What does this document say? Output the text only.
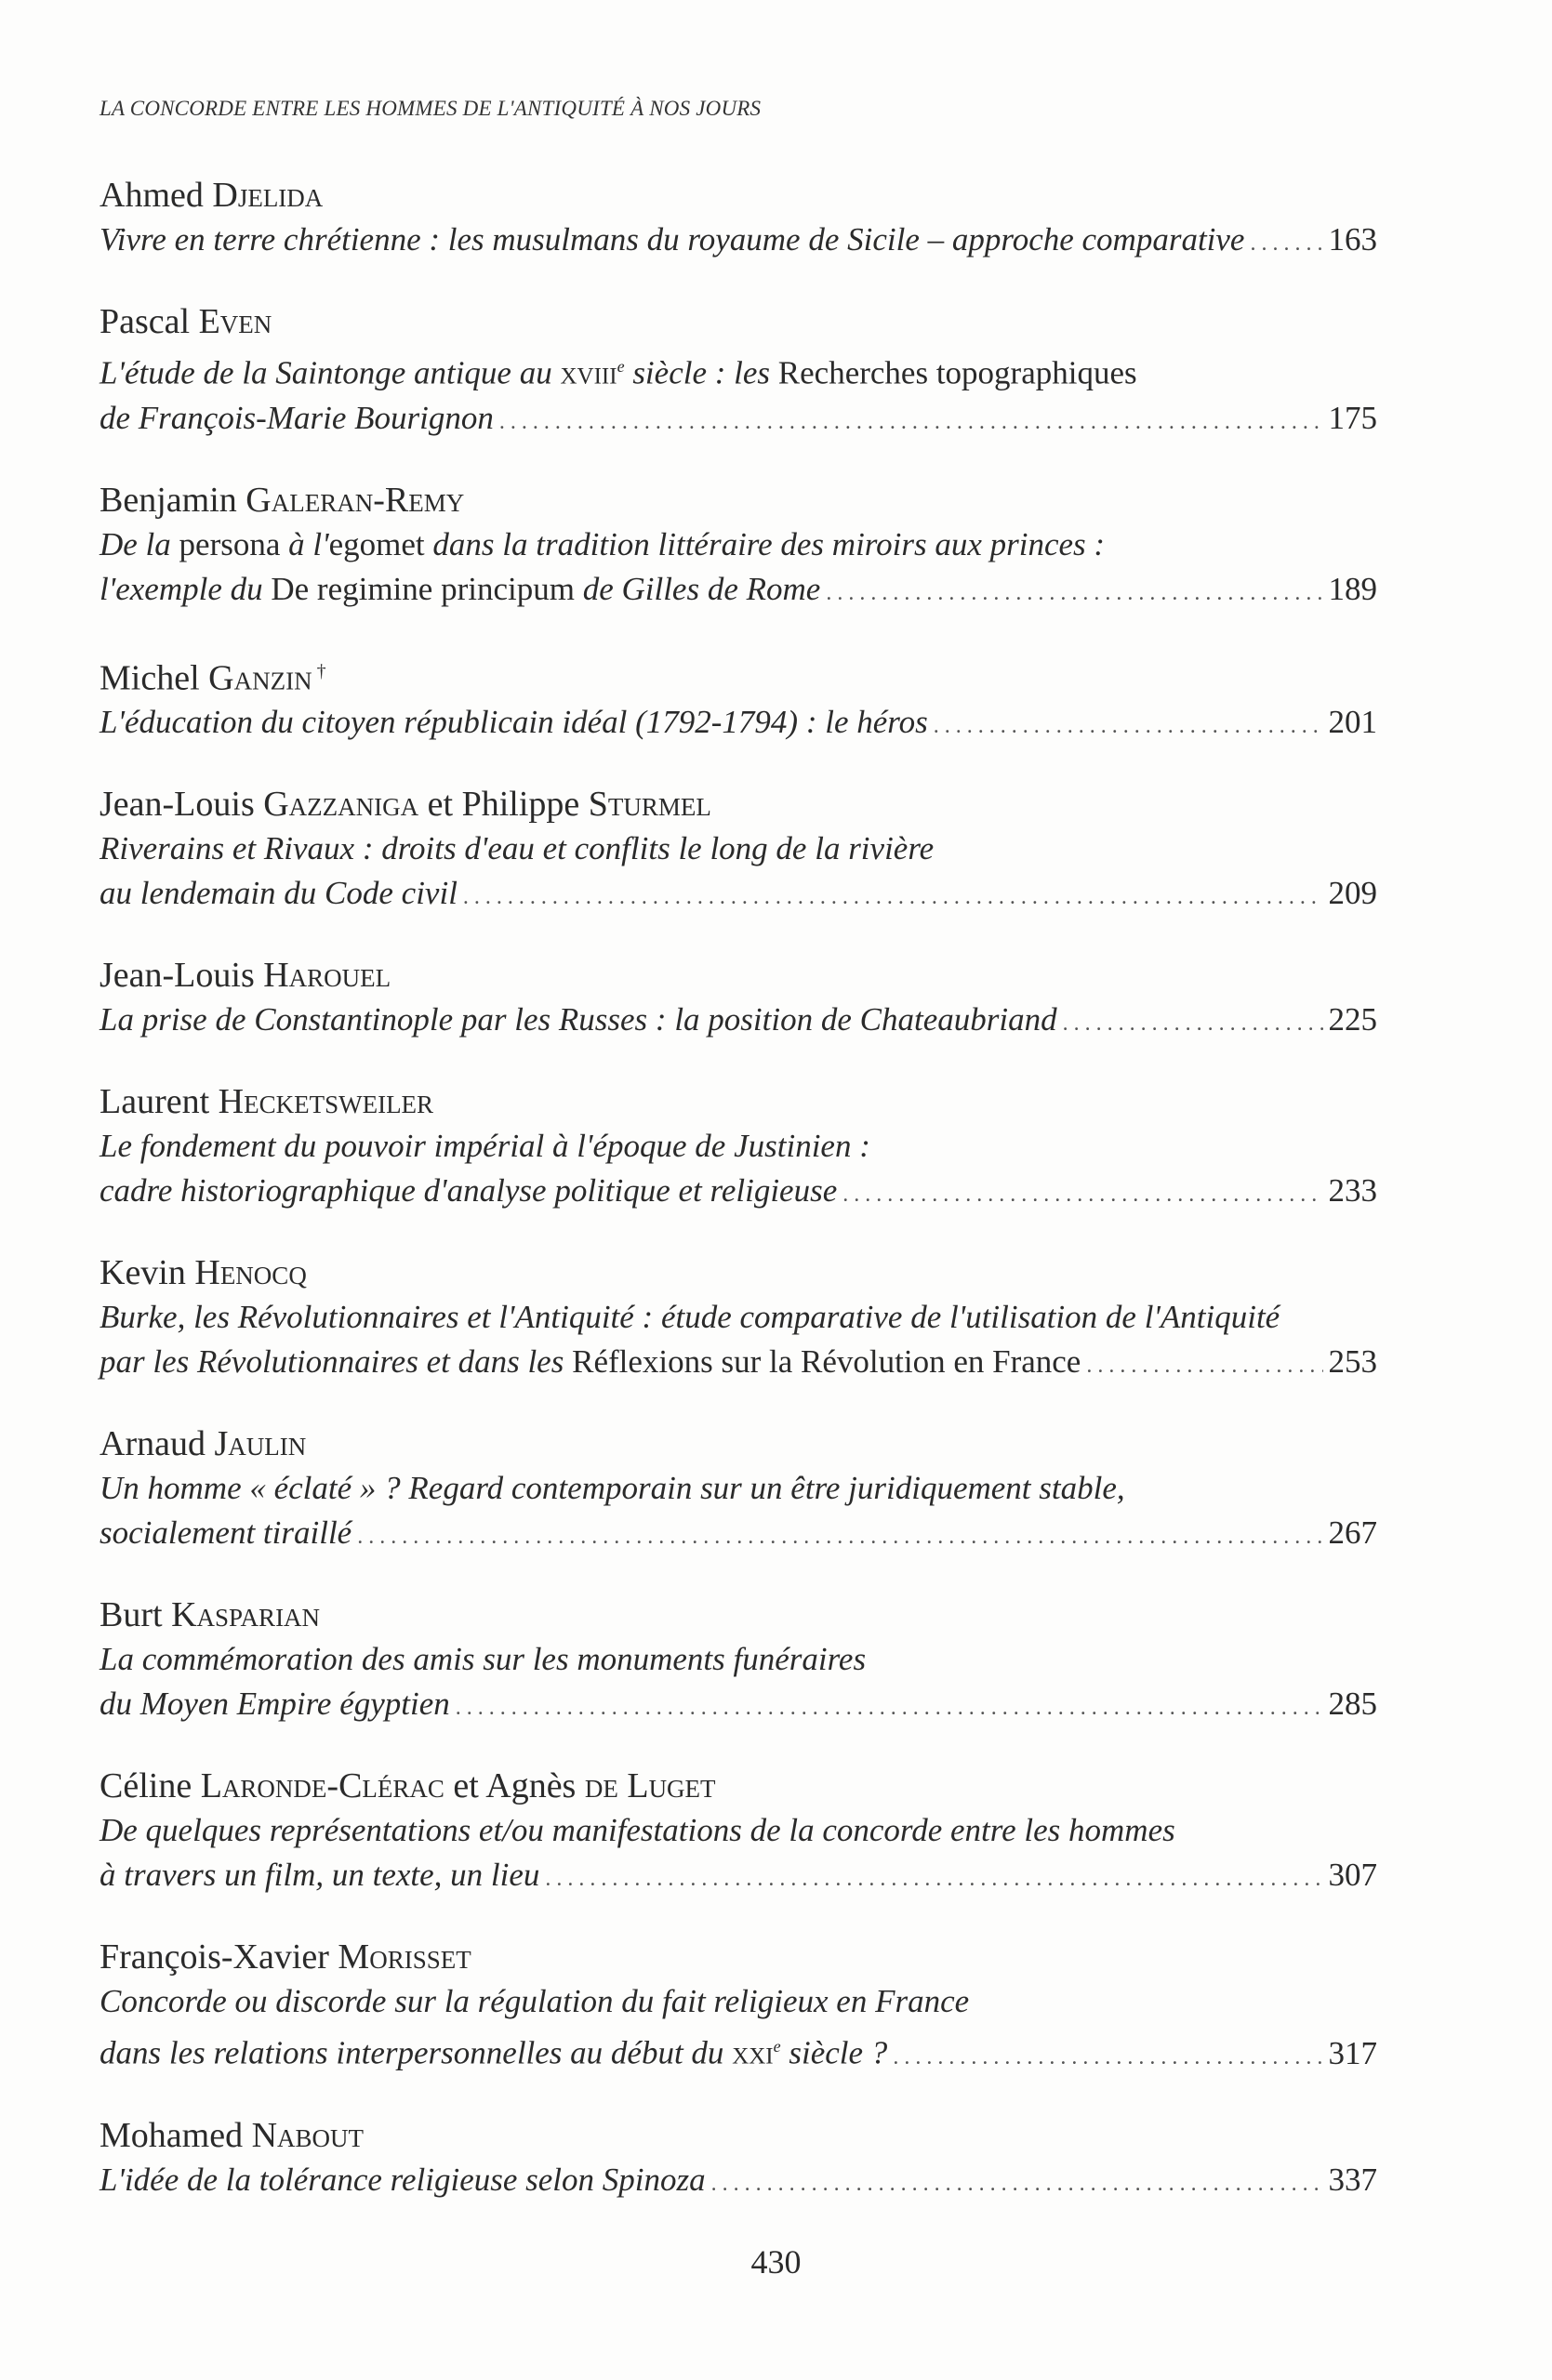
LA CONCORDE ENTRE LES HOMMES DE L'ANTIQUITÉ À NOS JOURS
Ahmed Djelida
Vivre en terre chrétienne : les musulmans du royaume de Sicile – approche comparative . . .	163
Pascal Even
L'étude de la Saintonge antique au xviii$^e$ siècle : les Recherches topographiques
de François-Marie Bourignon . . .	175
Benjamin Galeran-Remy
De la persona à l'egomet dans la tradition littéraire des miroirs aux princes :
l'exemple du De regimine principum de Gilles de Rome . . .	189
Michel Ganzin †
L'éducation du citoyen républicain idéal (1792-1794) : le héros . . .	201
Jean-Louis Gazzaniga et Philippe Sturmel
Riverains et Rivaux : droits d'eau et conflits le long de la rivière
au lendemain du Code civil . . .	209
Jean-Louis Harouel
La prise de Constantinople par les Russes : la position de Chateaubriand . . .	225
Laurent Hecketsweiler
Le fondement du pouvoir impérial à l'époque de Justinien :
cadre historiographique d'analyse politique et religieuse . . .	233
Kevin Henocq
Burke, les Révolutionnaires et l'Antiquité : étude comparative de l'utilisation de l'Antiquité
par les Révolutionnaires et dans les Réflexions sur la Révolution en France . . .	253
Arnaud Jaulin
Un homme « éclaté » ? Regard contemporain sur un être juridiquement stable,
socialement tiraillé . . .	267
Burt Kasparian
La commémoration des amis sur les monuments funéraires
du Moyen Empire égyptien . . .	285
Céline Laronde-Clérac et Agnès de Luget
De quelques représentations et/ou manifestations de la concorde entre les hommes
à travers un film, un texte, un lieu . . .	307
François-Xavier Morisset
Concorde ou discorde sur la régulation du fait religieux en France
dans les relations interpersonnelles au début du xxi$^e$ siècle ? . . .	317
Mohamed Nabout
L'idée de la tolérance religieuse selon Spinoza . . .	337
430
